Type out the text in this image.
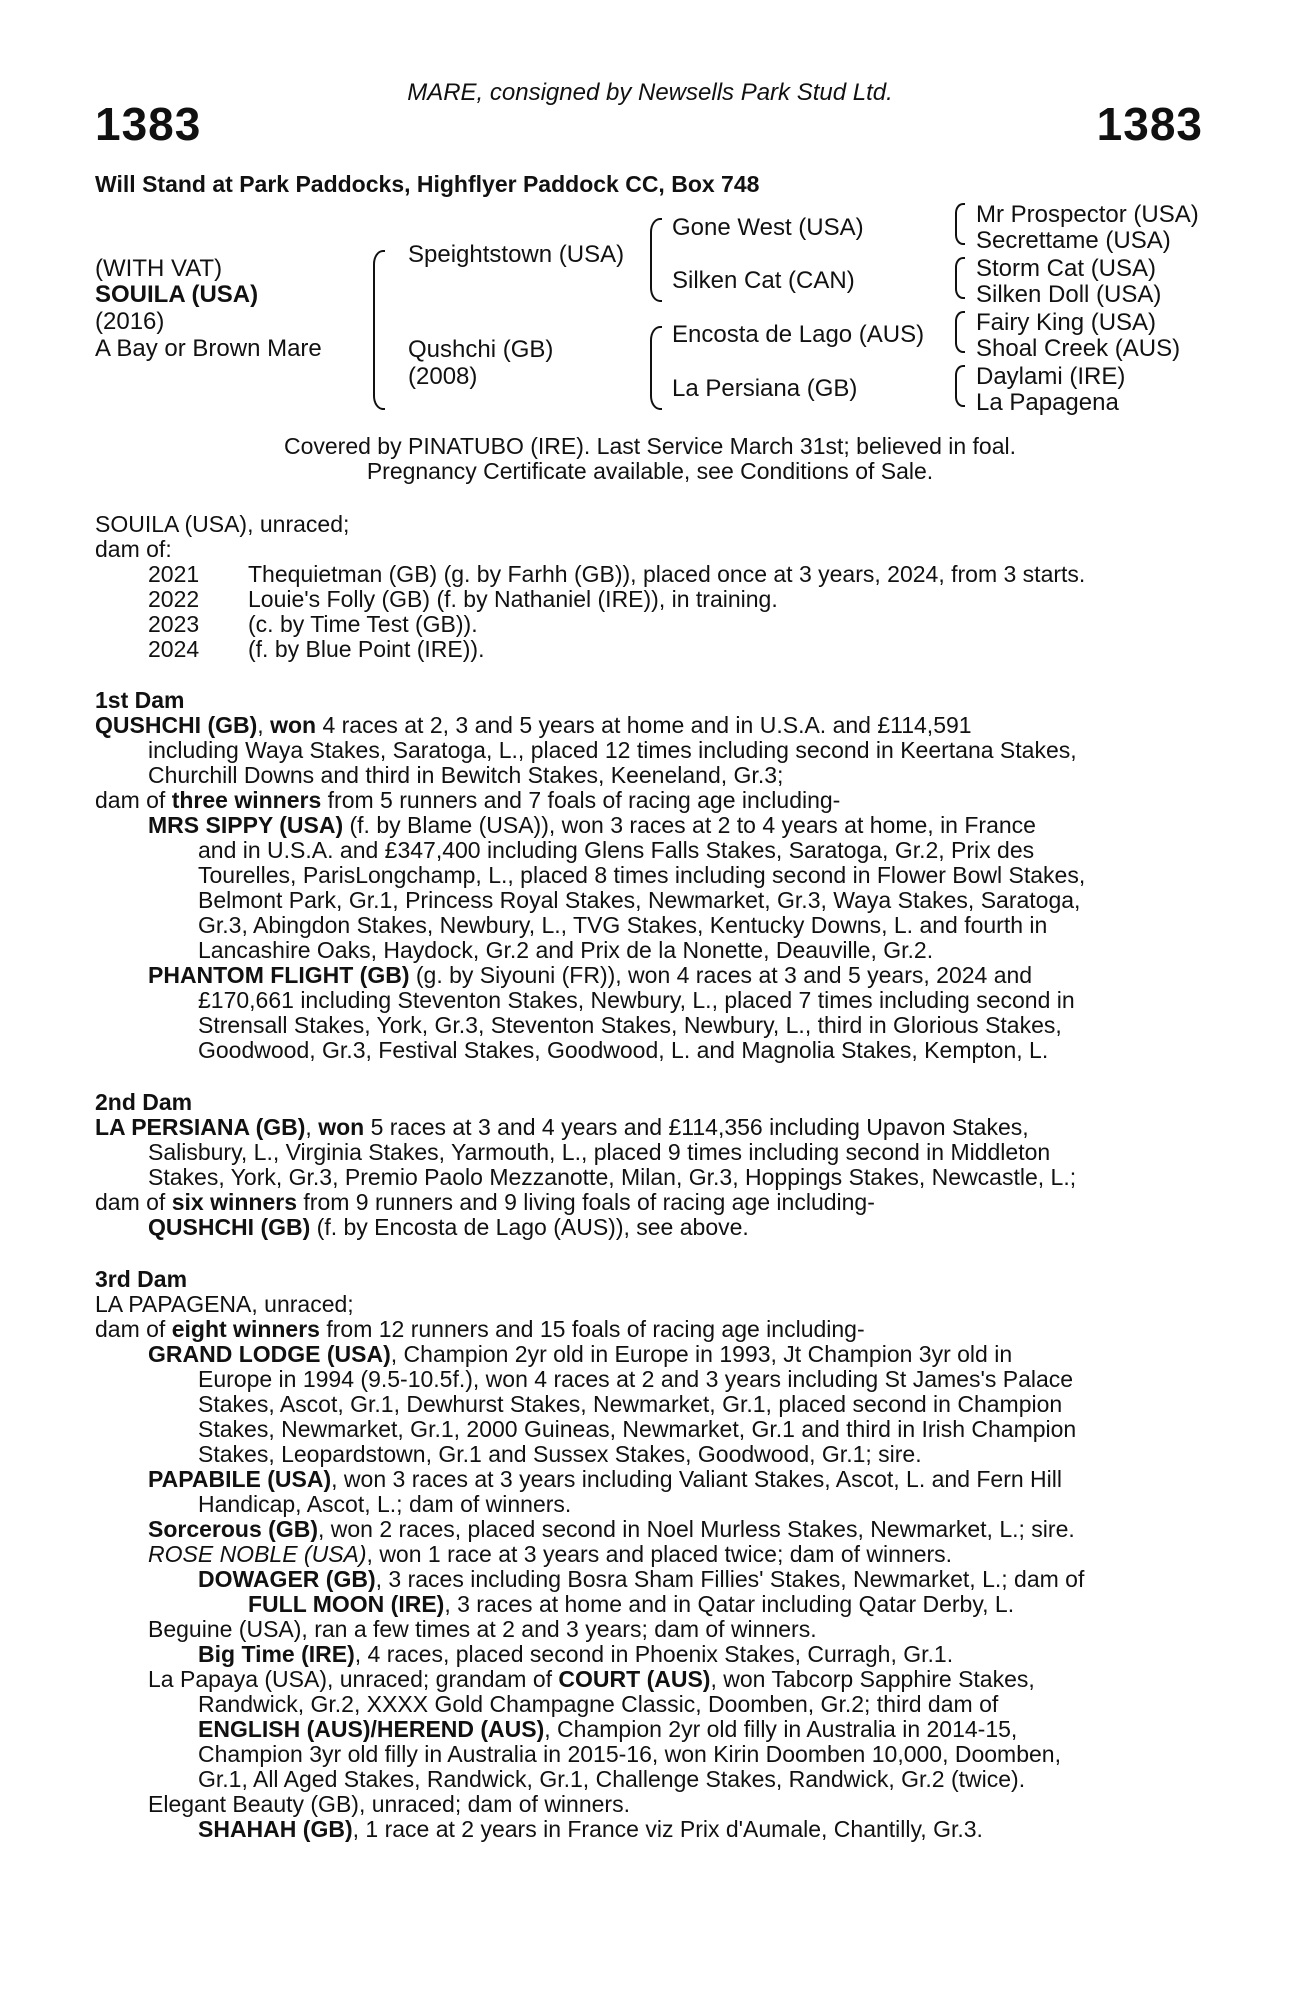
MARE, consigned by Newsells Park Stud Ltd.
1383	1383
Will Stand at Park Paddocks, Highflyer Paddock CC, Box 748
(WITH VAT)
SOUILA (USA)
(2016)
A Bay or Brown Mare
Speightstown (USA)
Qushchi (GB)
(2008)
Gone West (USA)
Silken Cat (CAN)
Encosta de Lago (AUS)
La Persiana (GB)
Mr Prospector (USA)
Secrettame (USA)
Storm Cat (USA)
Silken Doll (USA)
Fairy King (USA)
Shoal Creek (AUS)
Daylami (IRE)
La Papagena
Covered by PINATUBO (IRE). Last Service March 31st; believed in foal.
Pregnancy Certificate available, see Conditions of Sale.
SOUILA (USA), unraced;
dam of:
2021 Thequietman (GB) (g. by Farhh (GB)), placed once at 3 years, 2024, from 3 starts.
2022 Louie's Folly (GB) (f. by Nathaniel (IRE)), in training.
2023 (c. by Time Test (GB)).
2024 (f. by Blue Point (IRE)).
1st Dam
QUSHCHI (GB), won 4 races at 2, 3 and 5 years at home and in U.S.A. and £114,591
including Waya Stakes, Saratoga, L., placed 12 times including second in Keertana Stakes,
Churchill Downs and third in Bewitch Stakes, Keeneland, Gr.3;
dam of three winners from 5 runners and 7 foals of racing age including-
MRS SIPPY (USA) (f. by Blame (USA)), won 3 races at 2 to 4 years at home, in France
and in U.S.A. and £347,400 including Glens Falls Stakes, Saratoga, Gr.2, Prix des
Tourelles, ParisLongchamp, L., placed 8 times including second in Flower Bowl Stakes,
Belmont Park, Gr.1, Princess Royal Stakes, Newmarket, Gr.3, Waya Stakes, Saratoga,
Gr.3, Abingdon Stakes, Newbury, L., TVG Stakes, Kentucky Downs, L. and fourth in
Lancashire Oaks, Haydock, Gr.2 and Prix de la Nonette, Deauville, Gr.2.
PHANTOM FLIGHT (GB) (g. by Siyouni (FR)), won 4 races at 3 and 5 years, 2024 and
£170,661 including Steventon Stakes, Newbury, L., placed 7 times including second in
Strensall Stakes, York, Gr.3, Steventon Stakes, Newbury, L., third in Glorious Stakes,
Goodwood, Gr.3, Festival Stakes, Goodwood, L. and Magnolia Stakes, Kempton, L.
2nd Dam
LA PERSIANA (GB), won 5 races at 3 and 4 years and £114,356 including Upavon Stakes,
Salisbury, L., Virginia Stakes, Yarmouth, L., placed 9 times including second in Middleton
Stakes, York, Gr.3, Premio Paolo Mezzanotte, Milan, Gr.3, Hoppings Stakes, Newcastle, L.;
dam of six winners from 9 runners and 9 living foals of racing age including-
QUSHCHI (GB) (f. by Encosta de Lago (AUS)), see above.
3rd Dam
LA PAPAGENA, unraced;
dam of eight winners from 12 runners and 15 foals of racing age including-
GRAND LODGE (USA), Champion 2yr old in Europe in 1993, Jt Champion 3yr old in
Europe in 1994 (9.5-10.5f.), won 4 races at 2 and 3 years including St James's Palace
Stakes, Ascot, Gr.1, Dewhurst Stakes, Newmarket, Gr.1, placed second in Champion
Stakes, Newmarket, Gr.1, 2000 Guineas, Newmarket, Gr.1 and third in Irish Champion
Stakes, Leopardstown, Gr.1 and Sussex Stakes, Goodwood, Gr.1; sire.
PAPABILE (USA), won 3 races at 3 years including Valiant Stakes, Ascot, L. and Fern Hill
Handicap, Ascot, L.; dam of winners.
Sorcerous (GB), won 2 races, placed second in Noel Murless Stakes, Newmarket, L.; sire.
ROSE NOBLE (USA), won 1 race at 3 years and placed twice; dam of winners.
DOWAGER (GB), 3 races including Bosra Sham Fillies' Stakes, Newmarket, L.; dam of
FULL MOON (IRE), 3 races at home and in Qatar including Qatar Derby, L.
Beguine (USA), ran a few times at 2 and 3 years; dam of winners.
Big Time (IRE), 4 races, placed second in Phoenix Stakes, Curragh, Gr.1.
La Papaya (USA), unraced; grandam of COURT (AUS), won Tabcorp Sapphire Stakes,
Randwick, Gr.2, XXXX Gold Champagne Classic, Doomben, Gr.2; third dam of
ENGLISH (AUS)/HEREND (AUS), Champion 2yr old filly in Australia in 2014-15,
Champion 3yr old filly in Australia in 2015-16, won Kirin Doomben 10,000, Doomben,
Gr.1, All Aged Stakes, Randwick, Gr.1, Challenge Stakes, Randwick, Gr.2 (twice).
Elegant Beauty (GB), unraced; dam of winners.
SHAHAH (GB), 1 race at 2 years in France viz Prix d'Aumale, Chantilly, Gr.3.
